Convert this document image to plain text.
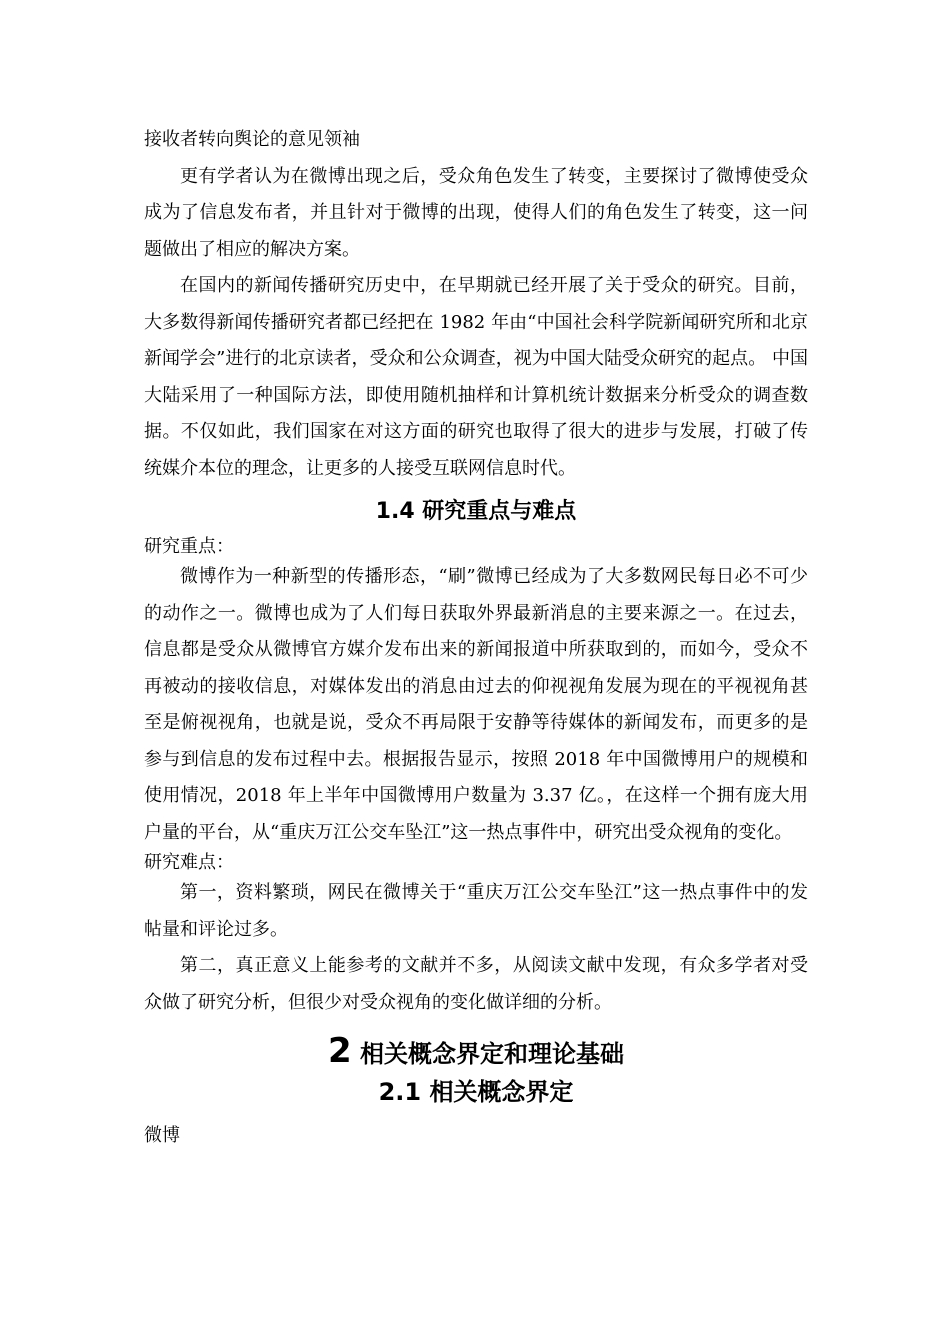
接收者转向舆论的意见领袖

更有学者认为在微博出现之后，受众角色发生了转变，主要探讨了微博使受众成为了信息发布者，并且针对于微博的出现，使得人们的角色发生了转变，这一问题做出了相应的解决方案。

在国内的新闻传播研究历史中，在早期就已经开展了关于受众的研究。目前，大多数得新闻传播研究者都已经把在 1982 年由“中国社会科学院新闻研究所和北京新闻学会”进行的北京读者，受众和公众调查，视为中国大陆受众研究的起点。 中国大陆采用了一种国际方法，即使用随机抽样和计算机统计数据来分析受众的调查数据。不仅如此，我们国家在对这方面的研究也取得了很大的进步与发展，打破了传统媒介本位的理念，让更多的人接受互联网信息时代。

1.4 研究重点与难点

研究重点：

微博作为一种新型的传播形态，“刷”微博已经成为了大多数网民每日必不可少的动作之一。微博也成为了人们每日获取外界最新消息的主要来源之一。在过去，信息都是受众从微博官方媒介发布出来的新闻报道中所获取到的，而如今，受众不再被动的接收信息，对媒体发出的消息由过去的仰视视角发展为现在的平视视角甚至是俯视视角，也就是说，受众不再局限于安静等待媒体的新闻发布，而更多的是参与到信息的发布过程中去。根据报告显示，按照 2018 年中国微博用户的规模和使用情况，2018 年上半年中国微博用户数量为 3.37 亿。，在这样一个拥有庞大用户量的平台，从“重庆万江公交车坠江”这一热点事件中，研究出受众视角的变化。

研究难点：

第一，资料繁琐，网民在微博关于“重庆万江公交车坠江”这一热点事件中的发帖量和评论过多。

第二，真正意义上能参考的文献并不多，从阅读文献中发现，有众多学者对受众做了研究分析，但很少对受众视角的变化做详细的分析。

2 相关概念界定和理论基础
2.1 相关概念界定

微博
